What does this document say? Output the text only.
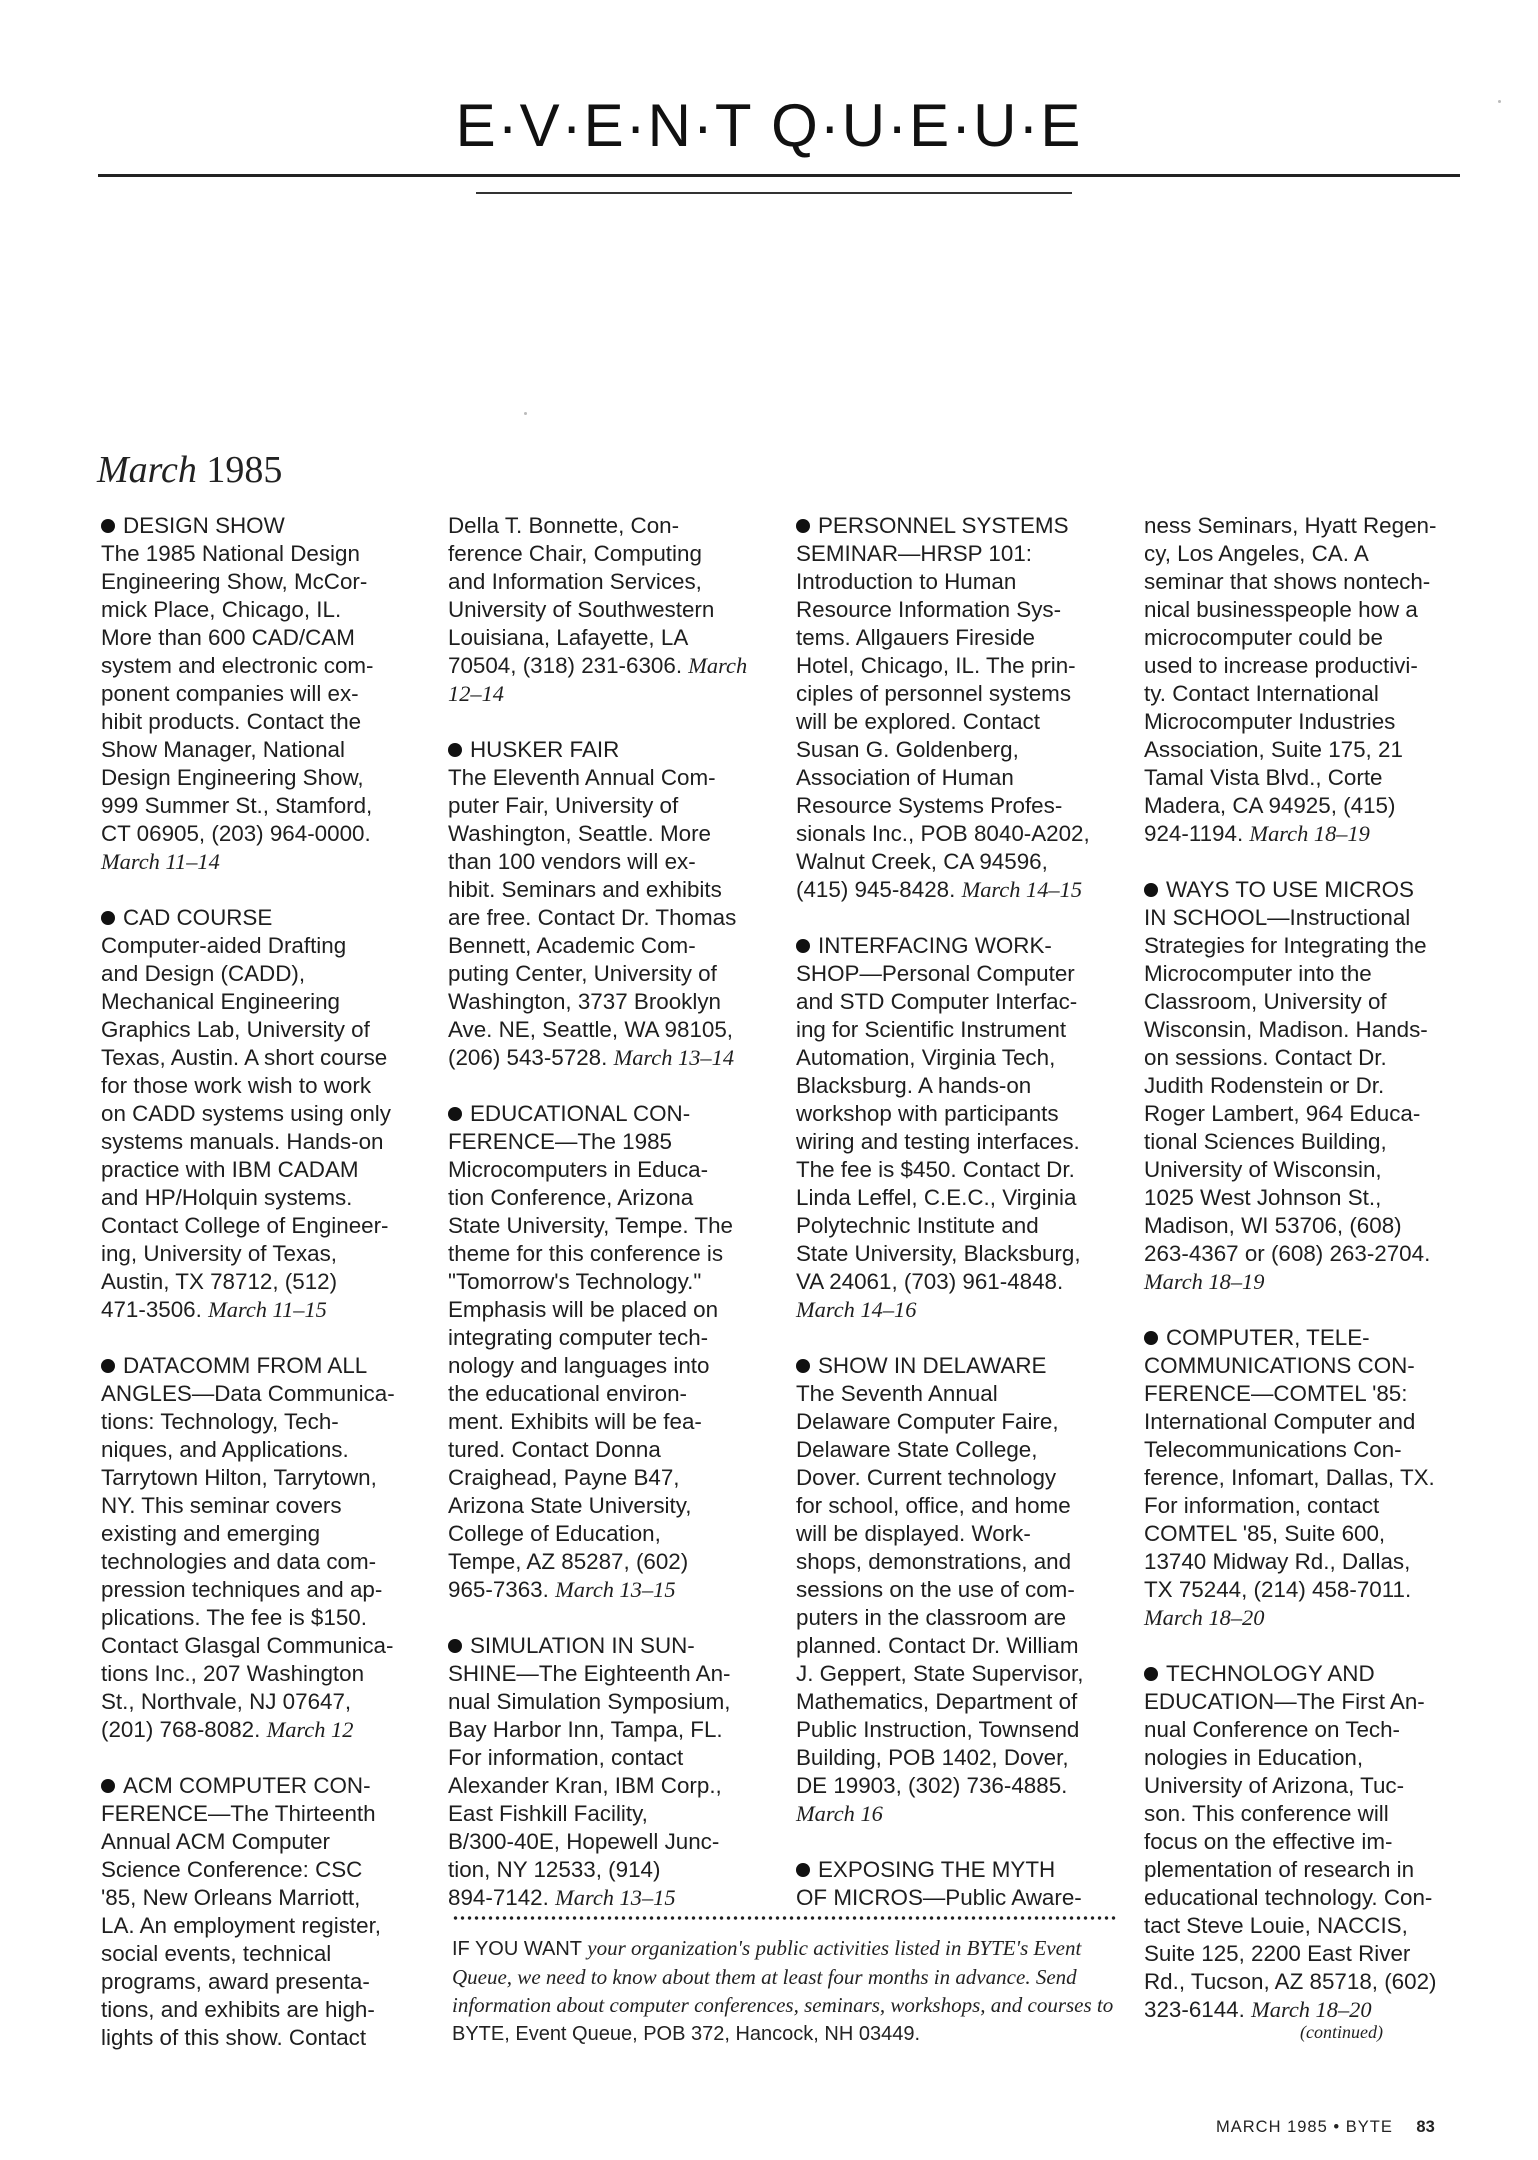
E·V·E·N·T Q·U·E·U·E
March 1985
DESIGN SHOW
The 1985 National Design
Engineering Show, McCor-
mick Place, Chicago, IL.
More than 600 CAD/CAM
system and electronic com-
ponent companies will ex-
hibit products. Contact the
Show Manager, National
Design Engineering Show,
999 Summer St., Stamford,
CT 06905, (203) 964-0000. March 11–14
CAD COURSE
Computer-aided Drafting
and Design (CADD),
Mechanical Engineering
Graphics Lab, University of
Texas, Austin. A short course
for those work wish to work
on CADD systems using only
systems manuals. Hands-on
practice with IBM CADAM
and HP/Holquin systems.
Contact College of Engineer-
ing, University of Texas,
Austin, TX 78712, (512)
471-3506. March 11–15
DATACOMM FROM ALL
ANGLES—Data Communica-
tions: Technology, Tech-
niques, and Applications.
Tarrytown Hilton, Tarrytown,
NY. This seminar covers
existing and emerging
technologies and data com-
pression techniques and ap-
plications. The fee is $150.
Contact Glasgal Communica-
tions Inc., 207 Washington
St., Northvale, NJ 07647,
(201) 768-8082. March 12
ACM COMPUTER CON-
FERENCE—The Thirteenth
Annual ACM Computer
Science Conference: CSC
'85, New Orleans Marriott,
LA. An employment register,
social events, technical
programs, award presenta-
tions, and exhibits are high-
lights of this show. Contact
Della T. Bonnette, Con-
ference Chair, Computing
and Information Services,
University of Southwestern
Louisiana, Lafayette, LA
70504, (318) 231-6306. March 12–14
HUSKER FAIR
The Eleventh Annual Com-
puter Fair, University of
Washington, Seattle. More
than 100 vendors will ex-
hibit. Seminars and exhibits
are free. Contact Dr. Thomas
Bennett, Academic Com-
puting Center, University of
Washington, 3737 Brooklyn
Ave. NE, Seattle, WA 98105,
(206) 543-5728. March 13–14
EDUCATIONAL CON-
FERENCE—The 1985
Microcomputers in Educa-
tion Conference, Arizona
State University, Tempe. The
theme for this conference is
"Tomorrow's Technology."
Emphasis will be placed on
integrating computer tech-
nology and languages into
the educational environ-
ment. Exhibits will be fea-
tured. Contact Donna
Craighead, Payne B47,
Arizona State University,
College of Education,
Tempe, AZ 85287, (602)
965-7363. March 13–15
SIMULATION IN SUN-
SHINE—The Eighteenth An-
nual Simulation Symposium,
Bay Harbor Inn, Tampa, FL.
For information, contact
Alexander Kran, IBM Corp.,
East Fishkill Facility,
B/300-40E, Hopewell Junc-
tion, NY 12533, (914)
894-7142. March 13–15
PERSONNEL SYSTEMS
SEMINAR—HRSP 101:
Introduction to Human
Resource Information Sys-
tems. Allgauers Fireside
Hotel, Chicago, IL. The prin-
ciples of personnel systems
will be explored. Contact
Susan G. Goldenberg,
Association of Human
Resource Systems Profes-
sionals Inc., POB 8040-A202,
Walnut Creek, CA 94596,
(415) 945-8428. March 14–15
INTERFACING WORK-
SHOP—Personal Computer
and STD Computer Interfac-
ing for Scientific Instrument
Automation, Virginia Tech,
Blacksburg. A hands-on
workshop with participants
wiring and testing interfaces.
The fee is $450. Contact Dr.
Linda Leffel, C.E.C., Virginia
Polytechnic Institute and
State University, Blacksburg,
VA 24061, (703) 961-4848. March 14–16
SHOW IN DELAWARE
The Seventh Annual
Delaware Computer Faire,
Delaware State College,
Dover. Current technology
for school, office, and home
will be displayed. Work-
shops, demonstrations, and
sessions on the use of com-
puters in the classroom are
planned. Contact Dr. William
J. Geppert, State Supervisor,
Mathematics, Department of
Public Instruction, Townsend
Building, POB 1402, Dover,
DE 19903, (302) 736-4885. March 16
EXPOSING THE MYTH
OF MICROS—Public Aware-
ness Seminars, Hyatt Regen-
cy, Los Angeles, CA. A
seminar that shows nontech-
nical businesspeople how a
microcomputer could be
used to increase productivi-
ty. Contact International
Microcomputer Industries
Association, Suite 175, 21
Tamal Vista Blvd., Corte
Madera, CA 94925, (415)
924-1194. March 18–19
WAYS TO USE MICROS
IN SCHOOL—Instructional
Strategies for Integrating the
Microcomputer into the
Classroom, University of
Wisconsin, Madison. Hands-
on sessions. Contact Dr.
Judith Rodenstein or Dr.
Roger Lambert, 964 Educa-
tional Sciences Building,
University of Wisconsin,
1025 West Johnson St.,
Madison, WI 53706, (608)
263-4367 or (608) 263-2704. March 18–19
COMPUTER, TELE-
COMMUNICATIONS CON-
FERENCE—COMTEL '85:
International Computer and
Telecommunications Con-
ference, Infomart, Dallas, TX.
For information, contact
COMTEL '85, Suite 600,
13740 Midway Rd., Dallas,
TX 75244, (214) 458-7011. March 18–20
TECHNOLOGY AND
EDUCATION—The First An-
nual Conference on Tech-
nologies in Education,
University of Arizona, Tuc-
son. This conference will
focus on the effective im-
plementation of research in
educational technology. Con-
tact Steve Louie, NACCIS,
Suite 125, 2200 East River
Rd., Tucson, AZ 85718, (602)
323-6144. March 18–20
IF YOU WANT your organization's public activities listed in BYTE's Event Queue, we need to know about them at least four months in advance. Send information about computer conferences, seminars, workshops, and courses to BYTE, Event Queue, POB 372, Hancock, NH 03449.	(continued)
MARCH 1985 • BYTE 83
